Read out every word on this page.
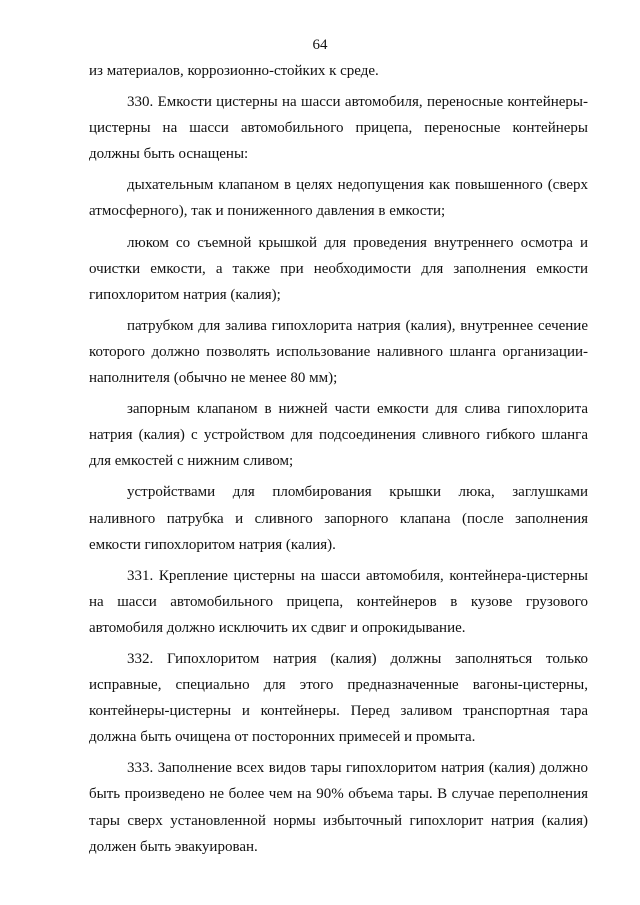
64

из материалов, коррозионно-стойких к среде.

330. Емкости цистерны на шасси автомобиля, переносные контейнеры-цистерны на шасси автомобильного прицепа, переносные контейнеры должны быть оснащены:

дыхательным клапаном в целях недопущения как повышенного (сверх атмосферного), так и пониженного давления в емкости;

люком со съемной крышкой для проведения внутреннего осмотра и очистки емкости, а также при необходимости для заполнения емкости гипохлоритом натрия (калия);

патрубком для залива гипохлорита натрия (калия), внутреннее сечение которого должно позволять использование наливного шланга организации-наполнителя (обычно не менее 80 мм);

запорным клапаном в нижней части емкости для слива гипохлорита натрия (калия) с устройством для подсоединения сливного гибкого шланга для емкостей с нижним сливом;

устройствами для пломбирования крышки люка, заглушками наливного патрубка и сливного запорного клапана (после заполнения емкости гипохлоритом натрия (калия).

331. Крепление цистерны на шасси автомобиля, контейнера-цистерны на шасси автомобильного прицепа, контейнеров в кузове грузового автомобиля должно исключить их сдвиг и опрокидывание.

332. Гипохлоритом натрия (калия) должны заполняться только исправные, специально для этого предназначенные вагоны-цистерны, контейнеры-цистерны и контейнеры. Перед заливом транспортная тара должна быть очищена от посторонних примесей и промыта.

333. Заполнение всех видов тары гипохлоритом натрия (калия) должно быть произведено не более чем на 90% объема тары. В случае переполнения тары сверх установленной нормы избыточный гипохлорит натрия (калия) должен быть эвакуирован.
